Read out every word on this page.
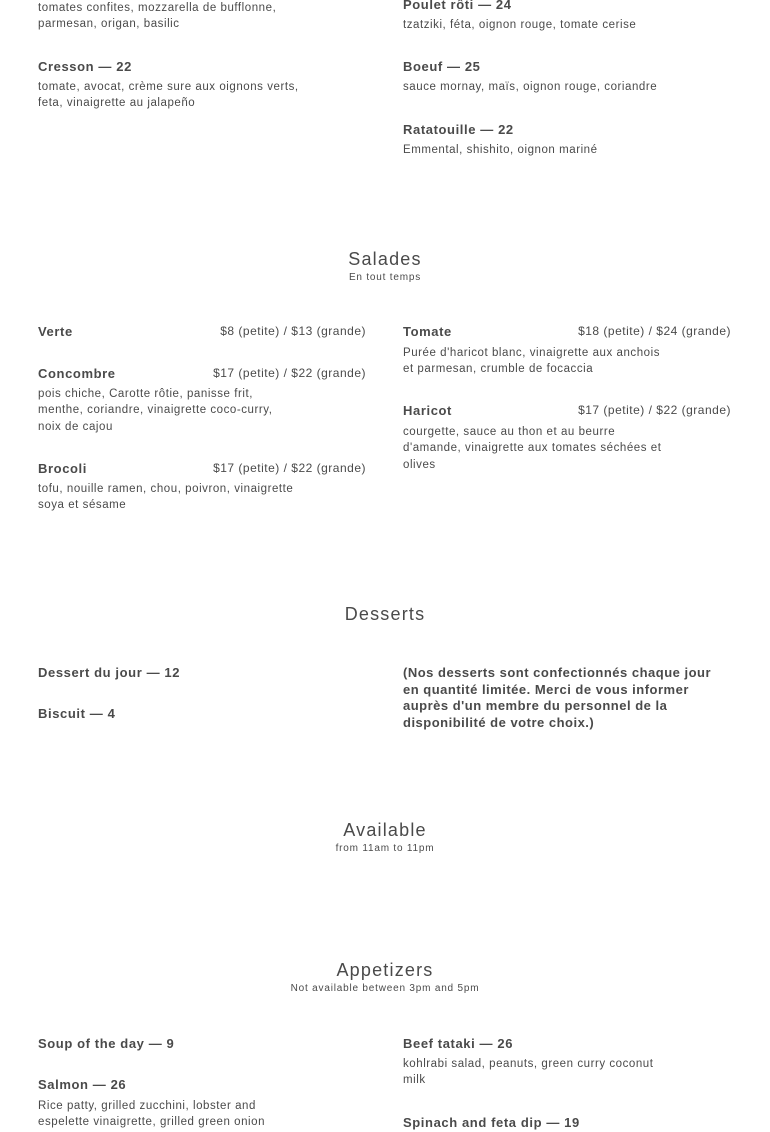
tomates confites, mozzarella de bufflonne,
parmesan, origan, basilic
Cresson — 22
tomate, avocat, crème sure aux oignons verts,
feta, vinaigrette au jalapeño
Poulet rôti — 24
tzatziki, féta, oignon rouge, tomate cerise
Boeuf — 25
sauce mornay, maïs, oignon rouge, coriandre
Ratatouille — 22
Emmental, shishito, oignon mariné
Salades
En tout temps
Verte	$8 (petite) / $13 (grande)
Concombre	$17 (petite) / $22 (grande)
pois chiche, Carotte rôtie, panisse frit,
menthe, coriandre, vinaigrette coco-curry,
noix de cajou
Brocoli	$17 (petite) / $22 (grande)
tofu, nouille ramen, chou, poivron, vinaigrette
soya et sésame
Tomate	$18 (petite) / $24 (grande)
Purée d'haricot blanc, vinaigrette aux anchois
et parmesan, crumble de focaccia
Haricot	$17 (petite) / $22 (grande)
courgette, sauce au thon et au beurre
d'amande, vinaigrette aux tomates séchées et
olives
Desserts
Dessert du jour — 12
Biscuit — 4
(Nos desserts sont confectionnés chaque jour
en quantité limitée. Merci de vous informer
auprès d'un membre du personnel de la
disponibilité de votre choix.)
Available
from 11am to 11pm
Appetizers
Not available between 3pm and 5pm
Soup of the day — 9
Salmon — 26
Rice patty, grilled zucchini, lobster and
espelette vinaigrette, grilled green onion
Beef tataki — 26
kohlrabi salad, peanuts, green curry coconut
milk
Spinach and feta dip — 19
